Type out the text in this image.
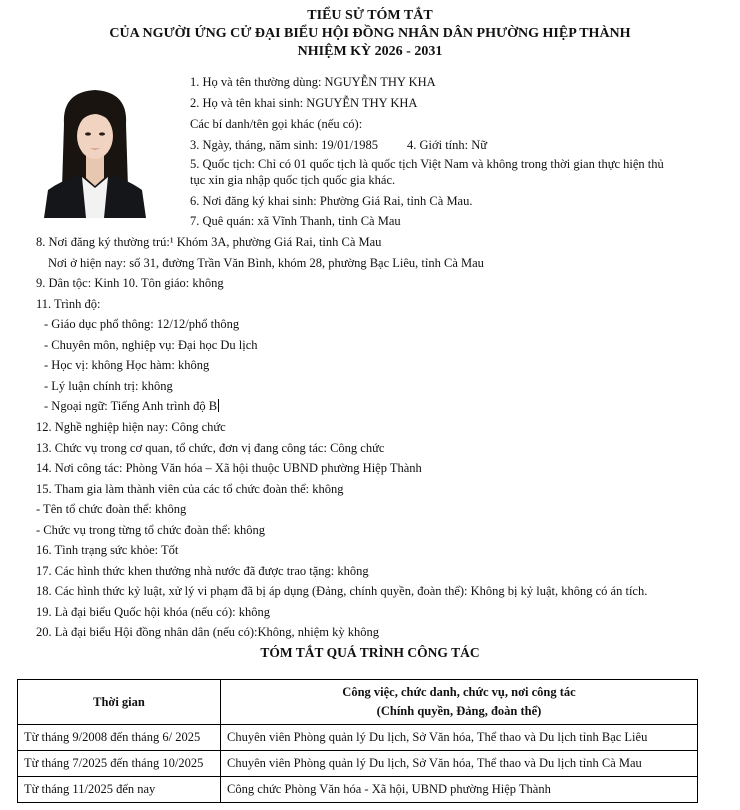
TIỂU SỬ TÓM TẮT
CỦA NGƯỜI ỨNG CỬ ĐẠI BIỂU HỘI ĐỒNG NHÂN DÂN PHƯỜNG HIỆP THÀNH
NHIỆM KỲ 2026 - 2031
1. Họ và tên thường dùng: NGUYỄN THY KHA
2. Họ và tên khai sinh: NGUYỄN THY KHA
Các bí danh/tên gọi khác (nếu có):
3. Ngày, tháng, năm sinh: 19/01/1985 4. Giới tính: Nữ
5. Quốc tịch: Chỉ có 01 quốc tịch là quốc tịch Việt Nam và không trong thời gian thực hiện thủ
tục xin gia nhập quốc tịch quốc gia khác.
6. Nơi đăng ký khai sinh: Phường Giá Rai, tỉnh Cà Mau.
7. Quê quán: xã Vĩnh Thanh, tỉnh Cà Mau
8. Nơi đăng ký thường trú:¹ Khóm 3A, phường Giá Rai, tỉnh Cà Mau
Nơi ở hiện nay: số 31, đường Trần Văn Bình, khóm 28, phường Bạc Liêu, tỉnh Cà Mau
9. Dân tộc: Kinh 10. Tôn giáo: không
11. Trình độ:
- Giáo dục phổ thông: 12/12/phổ thông
- Chuyên môn, nghiệp vụ: Đại học Du lịch
- Học vị: không Học hàm: không
- Lý luận chính trị: không
- Ngoại ngữ: Tiếng Anh trình độ B
12. Nghề nghiệp hiện nay: Công chức
13. Chức vụ trong cơ quan, tổ chức, đơn vị đang công tác: Công chức
14. Nơi công tác: Phòng Văn hóa – Xã hội thuộc UBND phường Hiệp Thành
15. Tham gia làm thành viên của các tổ chức đoàn thể: không
- Tên tổ chức đoàn thể: không
- Chức vụ trong từng tổ chức đoàn thể: không
16. Tình trạng sức khỏe: Tốt
17. Các hình thức khen thưởng nhà nước đã được trao tặng: không
18. Các hình thức kỷ luật, xử lý vi phạm đã bị áp dụng (Đảng, chính quyền, đoàn thể): Không bị kỷ luật, không có án tích.
19. Là đại biểu Quốc hội khóa (nếu có): không
20. Là đại biểu Hội đồng nhân dân (nếu có):Không, nhiệm kỳ không
TÓM TẮT QUÁ TRÌNH CÔNG TÁC
Thời gian	Công việc, chức danh, chức vụ, nơi công tác
(Chính quyền, Đảng, đoàn thể)

Từ tháng 9/2008 đến tháng 6/ 2025	Chuyên viên Phòng quản lý Du lịch, Sở Văn hóa, Thể thao và Du lịch tỉnh Bạc Liêu
Từ tháng 7/2025 đến tháng 10/2025	Chuyên viên Phòng quản lý Du lịch, Sở Văn hóa, Thể thao và Du lịch tỉnh Cà Mau
Từ tháng 11/2025 đến nay	Công chức Phòng Văn hóa - Xã hội, UBND phường Hiệp Thành
